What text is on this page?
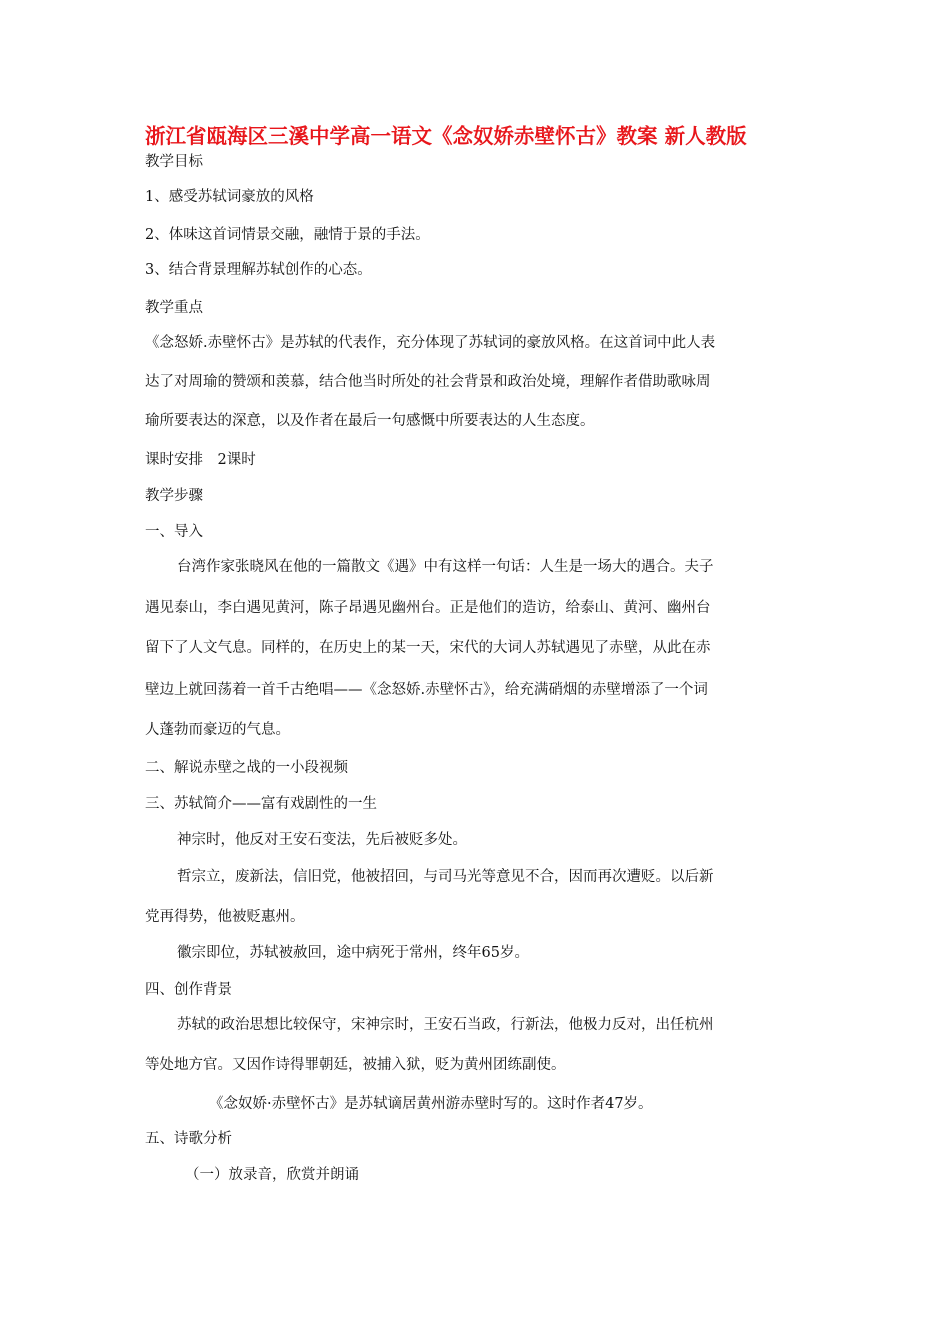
浙江省瓯海区三溪中学高一语文《念奴娇赤壁怀古》教案 新人教版
教学目标
1、感受苏轼词豪放的风格
2、体味这首词情景交融，融情于景的手法。
3、结合背景理解苏轼创作的心态。
教学重点
《念怒娇.赤壁怀古》是苏轼的代表作，充分体现了苏轼词的豪放风格。在这首词中此人表
达了对周瑜的赞颂和羡慕，结合他当时所处的社会背景和政治处境，理解作者借助歌咏周
瑜所要表达的深意，以及作者在最后一句感慨中所要表达的人生态度。
课时安排　2课时
教学步骤
一、导入
台湾作家张晓风在他的一篇散文《遇》中有这样一句话：人生是一场大的遇合。夫子
遇见泰山，李白遇见黄河，陈子昂遇见幽州台。正是他们的造访，给泰山、黄河、幽州台
留下了人文气息。同样的，在历史上的某一天，宋代的大词人苏轼遇见了赤壁，从此在赤
壁边上就回荡着一首千古绝唱——《念怒娇.赤壁怀古》，给充满硝烟的赤壁增添了一个词
人蓬勃而豪迈的气息。
二、解说赤壁之战的一小段视频
三、苏轼简介——富有戏剧性的一生
神宗时，他反对王安石变法，先后被贬多处。
哲宗立，废新法，信旧党，他被招回，与司马光等意见不合，因而再次遭贬。以后新
党再得势，他被贬惠州。
徽宗即位，苏轼被赦回，途中病死于常州，终年65岁。
四、创作背景
苏轼的政治思想比较保守，宋神宗时，王安石当政，行新法，他极力反对，出任杭州
等处地方官。又因作诗得罪朝廷，被捕入狱，贬为黄州团练副使。
《念奴娇·赤壁怀古》是苏轼谪居黄州游赤壁时写的。这时作者47岁。
五、诗歌分析
（一）放录音，欣赏并朗诵
